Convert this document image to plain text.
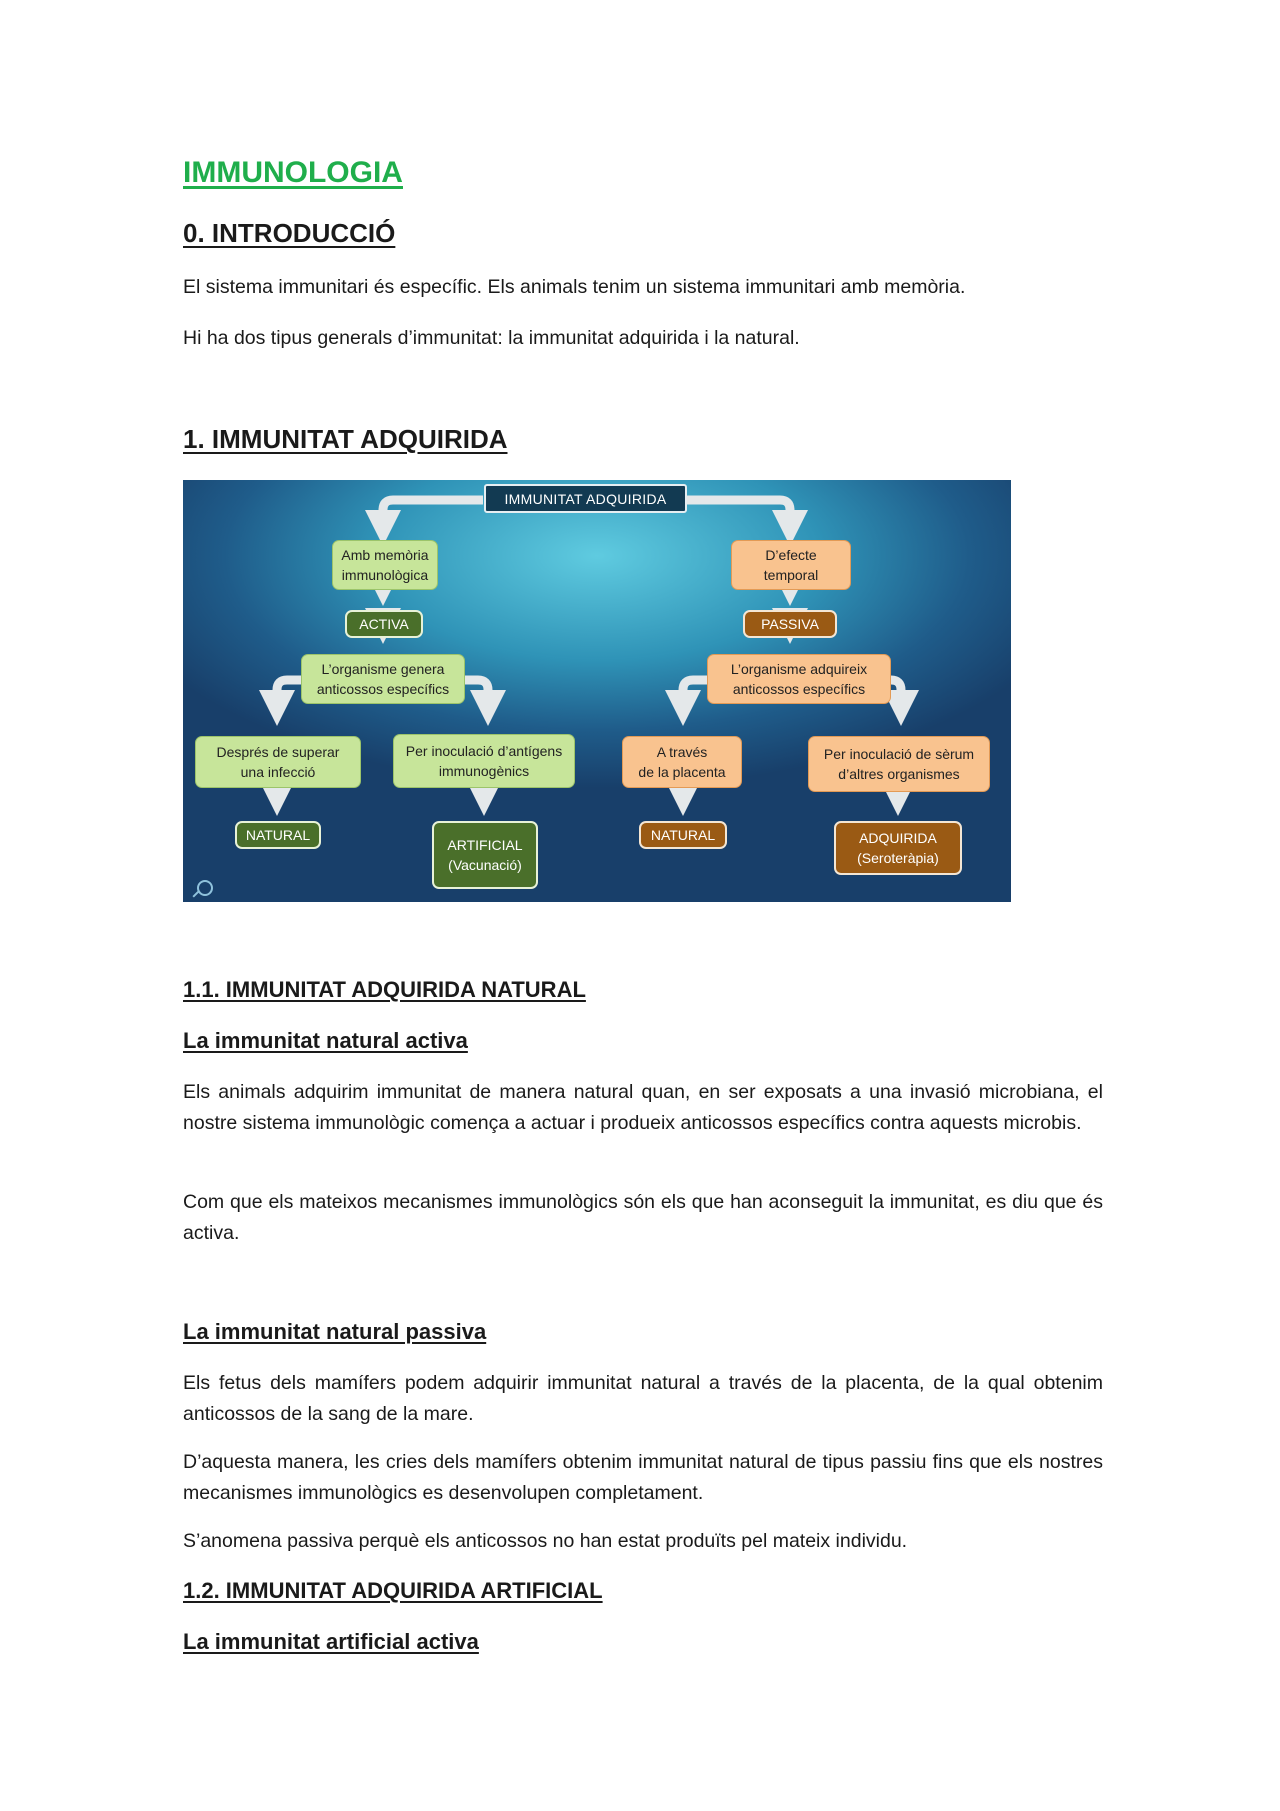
IMMUNOLOGIA
0. INTRODUCCIÓ
El sistema immunitari és específic. Els animals tenim un sistema immunitari amb memòria.
Hi ha dos tipus generals d’immunitat: la immunitat adquirida i la natural.
1. IMMUNITAT ADQUIRIDA
IMMUNITAT ADQUIRIDA
Amb memòria
immunològica
ACTIVA
L’organisme genera
anticossos específics
Després de superar
una infecció
Per inoculació d’antígens
immunogènics
NATURAL
ARTIFICIAL
(Vacunació)
D’efecte
temporal
PASSIVA
L’organisme adquireix
anticossos específics
A través
de la placenta
Per inoculació de sèrum
d’altres organismes
NATURAL	ADQUIRIDA
(Seroteràpia)
1.1. IMMUNITAT ADQUIRIDA NATURAL
La immunitat natural activa
Els animals adquirim immunitat de manera natural quan, en ser exposats a una invasió microbiana, el nostre sistema immunològic comença a actuar i produeix anticossos específics contra aquests microbis.
Com que els mateixos mecanismes immunològics són els que han aconseguit la immunitat, es diu que és activa.
La immunitat natural passiva
Els fetus dels mamífers podem adquirir immunitat natural a través de la placenta, de la qual obtenim anticossos de la sang de la mare.
D’aquesta manera, les cries dels mamífers obtenim immunitat natural de tipus passiu fins que els nostres mecanismes immunològics es desenvolupen completament.
S’anomena passiva perquè els anticossos no han estat produïts pel mateix individu.
1.2. IMMUNITAT ADQUIRIDA ARTIFICIAL
La immunitat artificial activa
